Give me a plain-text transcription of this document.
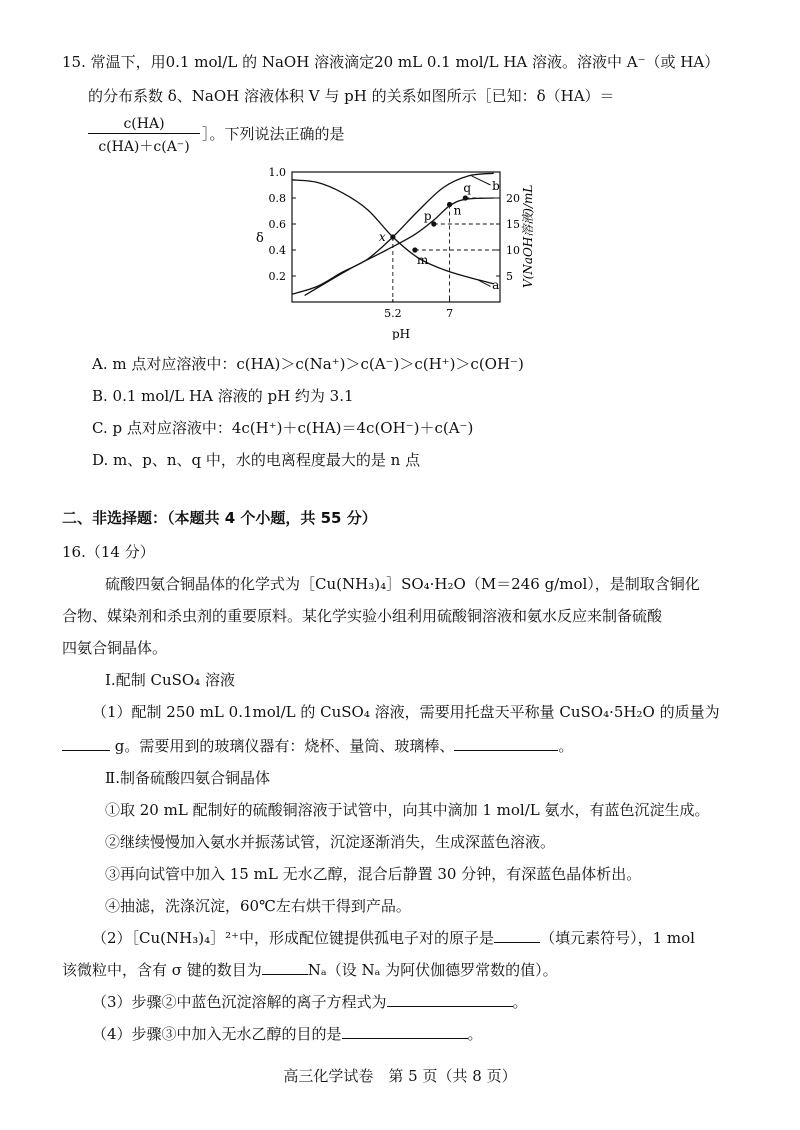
15. 常温下，用0.1 mol/L 的 NaOH 溶液滴定20 mL 0.1 mol/L HA 溶液。溶液中 A⁻（或 HA）
的分布系数 δ、NaOH 溶液体积 V 与 pH 的关系如图所示［已知：δ（HA）＝
$\frac{c(HA)}{c(HA)+c(A^-)}$ ］。下列说法正确的是
1.0
0.8
0.6
0.4
0.2
5.2	7
20
15
10
5
a
b
x
m
p n
q
δ
pH
V(NaOH溶液)/mL
A. m 点对应溶液中：c(HA)＞c(Na⁺)＞c(A⁻)＞c(H⁺)＞c(OH⁻)
B. 0.1 mol/L HA 溶液的 pH 约为 3.1
C. p 点对应溶液中：4c(H⁺)＋c(HA)＝4c(OH⁻)＋c(A⁻)
D. m、p、n、q 中，水的电离程度最大的是 n 点
二、非选择题：（本题共 4 个小题，共 55 分）
16.（14 分）
硫酸四氨合铜晶体的化学式为［Cu(NH₃)₄］SO₄·H₂O（M＝246 g/mol），是制取含铜化
合物、媒染剂和杀虫剂的重要原料。某化学实验小组利用硫酸铜溶液和氨水反应来制备硫酸
四氨合铜晶体。
Ⅰ.配制 CuSO₄ 溶液
（1）配制 250 mL 0.1mol/L 的 CuSO₄ 溶液，需要用托盘天平称量 CuSO₄·5H₂O 的质量为
g。需要用到的玻璃仪器有：烧杯、量筒、玻璃棒、	。
Ⅱ.制备硫酸四氨合铜晶体
①取 20 mL 配制好的硫酸铜溶液于试管中，向其中滴加 1 mol/L 氨水，有蓝色沉淀生成。
②继续慢慢加入氨水并振荡试管，沉淀逐渐消失，生成深蓝色溶液。
③再向试管中加入 15 mL 无水乙醇，混合后静置 30 分钟，有深蓝色晶体析出。
④抽滤，洗涤沉淀，60℃左右烘干得到产品。
（2）［Cu(NH₃)₄］²⁺中，形成配位键提供孤电子对的原子是	（填元素符号），1 mol
该微粒中，含有 σ 键的数目为	Nₐ（设 Nₐ 为阿伏伽德罗常数的值）。
（3）步骤②中蓝色沉淀溶解的离子方程式为	。
（4）步骤③中加入无水乙醇的目的是	。
高三化学试卷　第 5 页（共 8 页）
